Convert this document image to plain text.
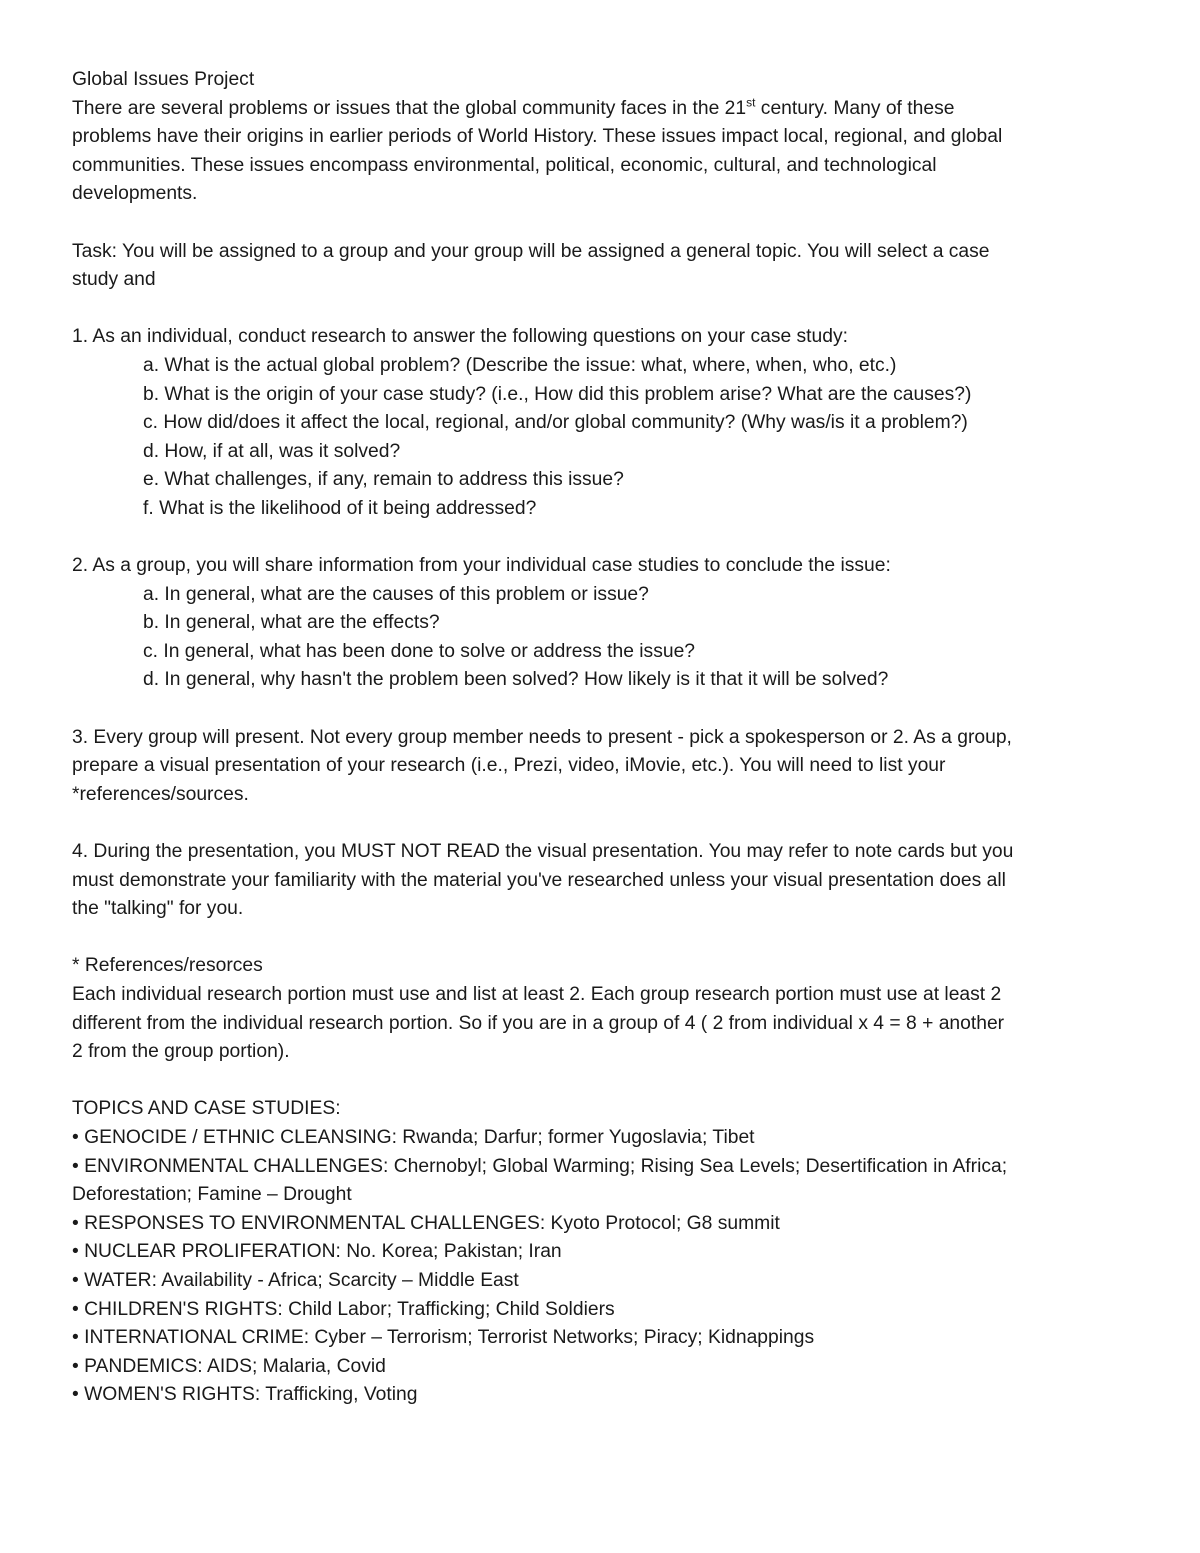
Global Issues Project

There are several problems or issues that the global community faces in the 21st century. Many of these

problems have their origins in earlier periods of World History. These issues impact local, regional, and global

communities. These issues encompass environmental, political, economic, cultural, and technological

developments.

Task: You will be assigned to a group and your group will be assigned a general topic. You will select a case

study and

1. As an individual, conduct research to answer the following questions on your case study:

a. What is the actual global problem? (Describe the issue: what, where, when, who, etc.)

b. What is the origin of your case study? (i.e., How did this problem arise? What are the causes?)

c. How did/does it affect the local, regional, and/or global community? (Why was/is it a problem?)

d. How, if at all, was it solved?

e. What challenges, if any, remain to address this issue?

f. What is the likelihood of it being addressed?

2. As a group, you will share information from your individual case studies to conclude the issue:

a. In general, what are the causes of this problem or issue?

b. In general, what are the effects?

c. In general, what has been done to solve or address the issue?

d. In general, why hasn't the problem been solved? How likely is it that it will be solved?

3. Every group will present. Not every group member needs to present - pick a spokesperson or 2. As a group,

prepare a visual presentation of your research (i.e., Prezi, video, iMovie, etc.). You will need to list your

*references/sources.

4. During the presentation, you MUST NOT READ the visual presentation. You may refer to note cards but you

must demonstrate your familiarity with the material you've researched unless your visual presentation does all

the "talking" for you.

* References/resorces

Each individual research portion must use and list at least 2. Each group research portion must use at least 2

different from the individual research portion. So if you are in a group of 4 ( 2 from individual x 4 = 8 + another

2 from the group portion).

TOPICS AND CASE STUDIES:

• GENOCIDE / ETHNIC CLEANSING: Rwanda; Darfur; former Yugoslavia; Tibet

• ENVIRONMENTAL CHALLENGES: Chernobyl; Global Warming; Rising Sea Levels; Desertification in Africa;

Deforestation; Famine – Drought

• RESPONSES TO ENVIRONMENTAL CHALLENGES: Kyoto Protocol; G8 summit

• NUCLEAR PROLIFERATION: No. Korea; Pakistan; Iran

• WATER: Availability - Africa; Scarcity – Middle East

• CHILDREN'S RIGHTS: Child Labor; Trafficking; Child Soldiers

• INTERNATIONAL CRIME: Cyber – Terrorism; Terrorist Networks; Piracy; Kidnappings

• PANDEMICS: AIDS; Malaria, Covid

• WOMEN'S RIGHTS: Trafficking, Voting
